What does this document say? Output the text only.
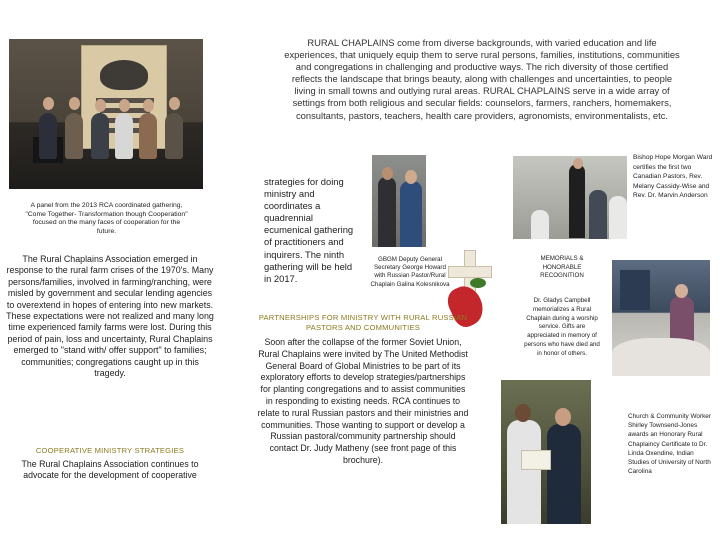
RURAL CHAPLAINS come from diverse backgrounds, with varied education and life experiences, that uniquely equip them to serve rural persons, families, institutions, communities and congregations in challenging and productive ways. The rich diversity of those certified reflects the landscape that brings beauty, along with challenges and uncertainties, to people living in small towns and outlying rural areas. RURAL CHAPLAINS serve in a wide array of settings from both religious and secular fields: counselors, farmers, ranchers, homemakers, consultants, pastors, teachers, health care providers, agronomists, environmentalists, etc.

A panel from the 2013 RCA coordinated gathering, "Come Together- Transformation though Cooperation" focused on the many faces of cooperation for the future.

The Rural Chaplains Association emerged in response to the rural farm crises of the 1970's. Many persons/families, involved in farming/ranching, were misled by government and secular lending agencies to overextend in hopes of entering into new markets. These expectations were not realized and many long time experienced family farms were lost. During this period of pain, loss and uncertainty, Rural Chaplains emerged to "stand with/ offer support" to families; communities; congregations caught up in this tragedy.

COOPERATIVE MINISTRY STRATEGIES

The Rural Chaplains Association continues to advocate for the development of cooperative

strategies for doing ministry and coordinates a quadrennial ecumenical gathering of practitioners and inquirers. The ninth gathering will be held in 2017.

GBGM Deputy General Secretary George Howard with Russian Pastor/Rural Chaplain Galina Kolesnikova

PARTNERSHIPS FOR MINISTRY WITH RURAL RUSSIAN PASTORS AND COMMUNITIES

Soon after the collapse of the former Soviet Union, Rural Chaplains were invited by The United Methodist General Board of Global Ministries to be part of its exploratory efforts to develop strategies/partnerships for planting congregations and to assist communities in responding to existing needs. RCA continues to relate to rural Russian pastors and their ministries and communities. Those wanting to support or develop a Russian pastoral/community partnership should contact Dr. Judy Matheny (see front page of this brochure).

Bishop Hope Morgan Ward certifies the first two Canadian Pastors, Rev. Melany Cassidy-Wise and Rev. Dr. Marvin Anderson

MEMORIALS & HONORABLE RECOGNITION

Dr. Gladys Campbell memorializes a Rural Chaplain during a worship service. Gifts are appreciated in memory of persons who have died and in honor of others.

Church & Community Worker Shirley Townsend-Jones awards an Honorary Rural Chaplaincy Certificate to Dr. Linda Oxendine, Indian Studies of University of North Carolina
